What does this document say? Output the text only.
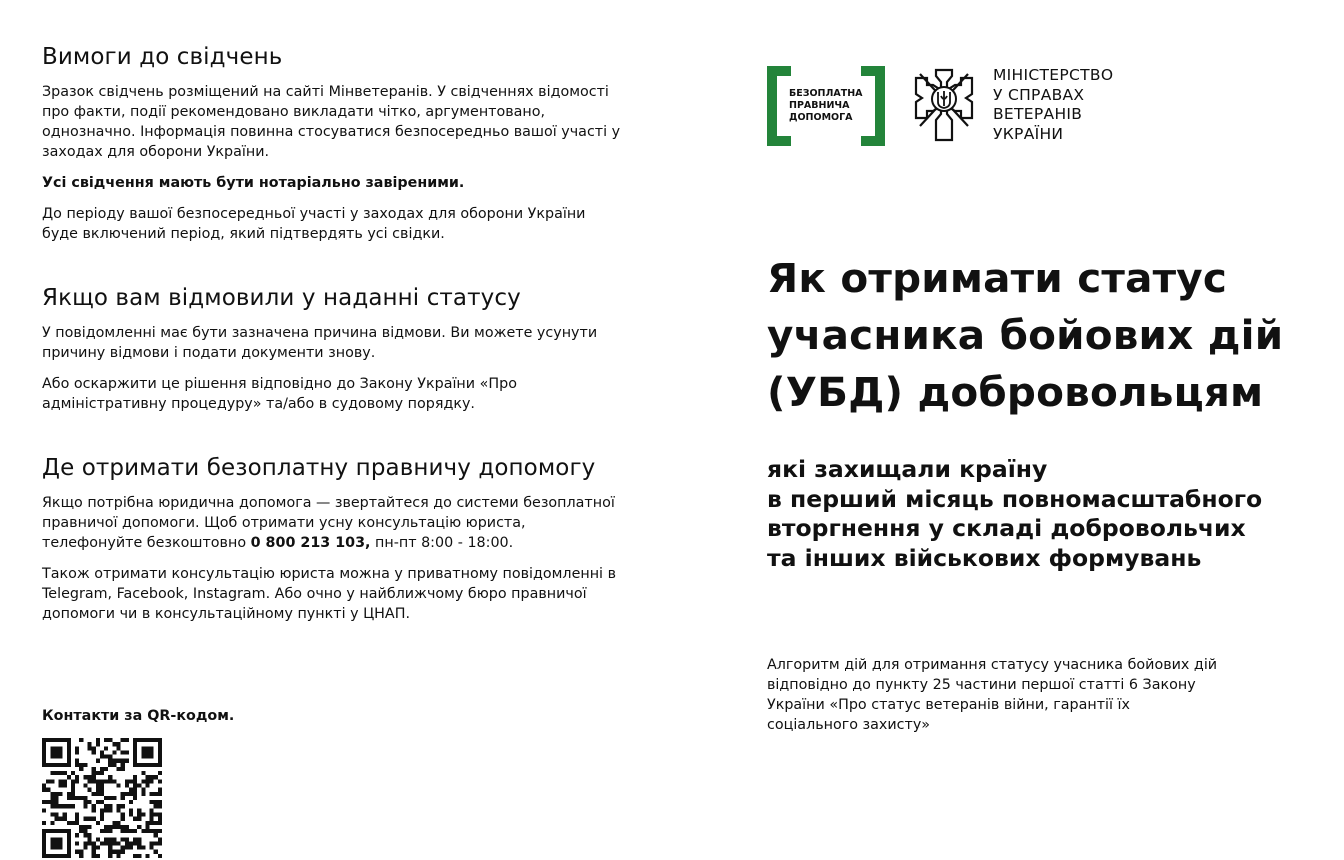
Вимоги до свідчень

Зразок свідчень розміщений на сайті Мінветеранів. У свідченнях відомості про факти, події рекомендовано викладати чітко, аргументовано, однозначно. Інформація повинна стосуватися безпосередньо вашої участі у заходах для оборони України.

Усі свідчення мають бути нотаріально завіреними.

До періоду вашої безпосередньої участі у заходах для оборони України буде включений період, який підтвердять усі свідки.

Якщо вам відмовили у наданні статусу

У повідомленні має бути зазначена причина відмови. Ви можете усунути причину відмови і подати документи знову.

Або оскаржити це рішення відповідно до Закону України «Про адміністративну процедуру» та/або в судовому порядку.

Де отримати безоплатну правничу допомогу

Якщо потрібна юридична допомога — звертайтеся до системи безоплатної правничої допомоги. Щоб отримати усну консультацію юриста, телефонуйте безкоштовно 0 800 213 103, пн-пт 8:00 - 18:00.

Також отримати консультацію юриста можна у приватному повідомленні в Telegram, Facebook, Instagram. Або очно у найближчому бюро правничої допомоги чи в консультаційному пункті у ЦНАП.

Контакти за QR-кодом.
БЕЗОПЛАТНА
ПРАВНИЧА
ДОПОМОГА
МІНІСТЕРСТВО
У СПРАВАХ
ВЕТЕРАНІВ
УКРАЇНИ
Як отримати статус
учасника бойових дій
(УБД) добровольцям
які захищали країну
в перший місяць повномасштабного
вторгнення у складі добровольчих
та інших військових формувань
Алгоритм дій для отримання статусу учасника бойових дій
відповідно до пункту 25 частини першої статті 6 Закону
України «Про статус ветеранів війни, гарантії їх
соціального захисту»
